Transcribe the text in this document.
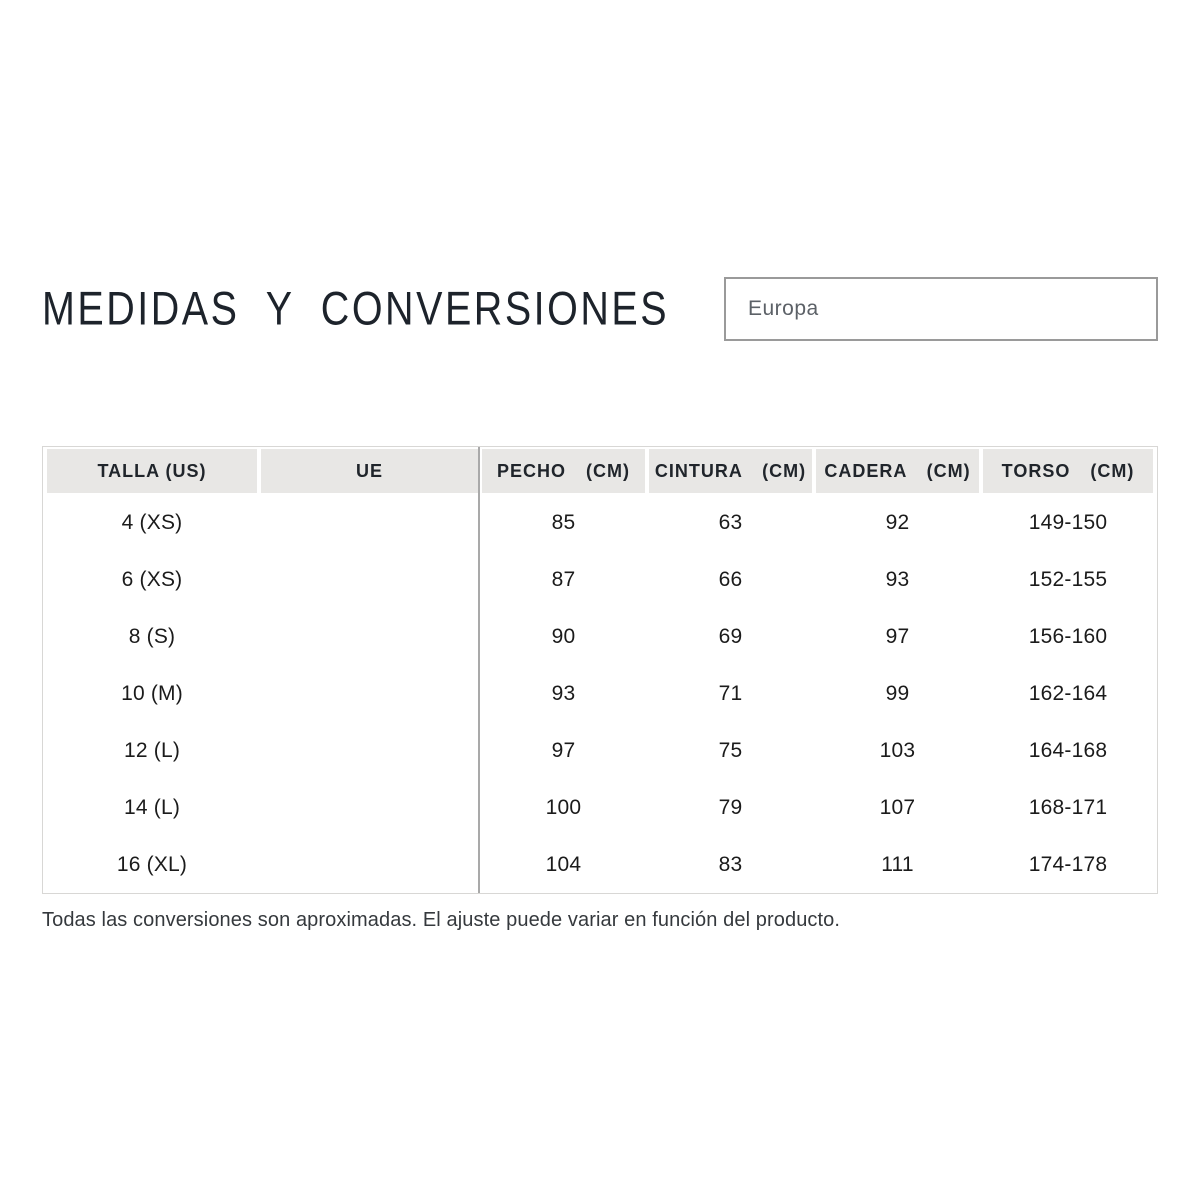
MEDIDAS Y CONVERSIONES	Europa
TALLA (US)	UE	PECHO (CM)	CINTURA (CM)	CADERA (CM)	TORSO (CM)
4 (XS)		85	63	92	149-150
6 (XS)		87	66	93	152-155
8 (S)		90	69	97	156-160
10 (M)		93	71	99	162-164
12 (L)		97	75	103	164-168
14 (L)		100	79	107	168-171
16 (XL)		104	83	111	174-178
Todas las conversiones son aproximadas. El ajuste puede variar en función del producto.
